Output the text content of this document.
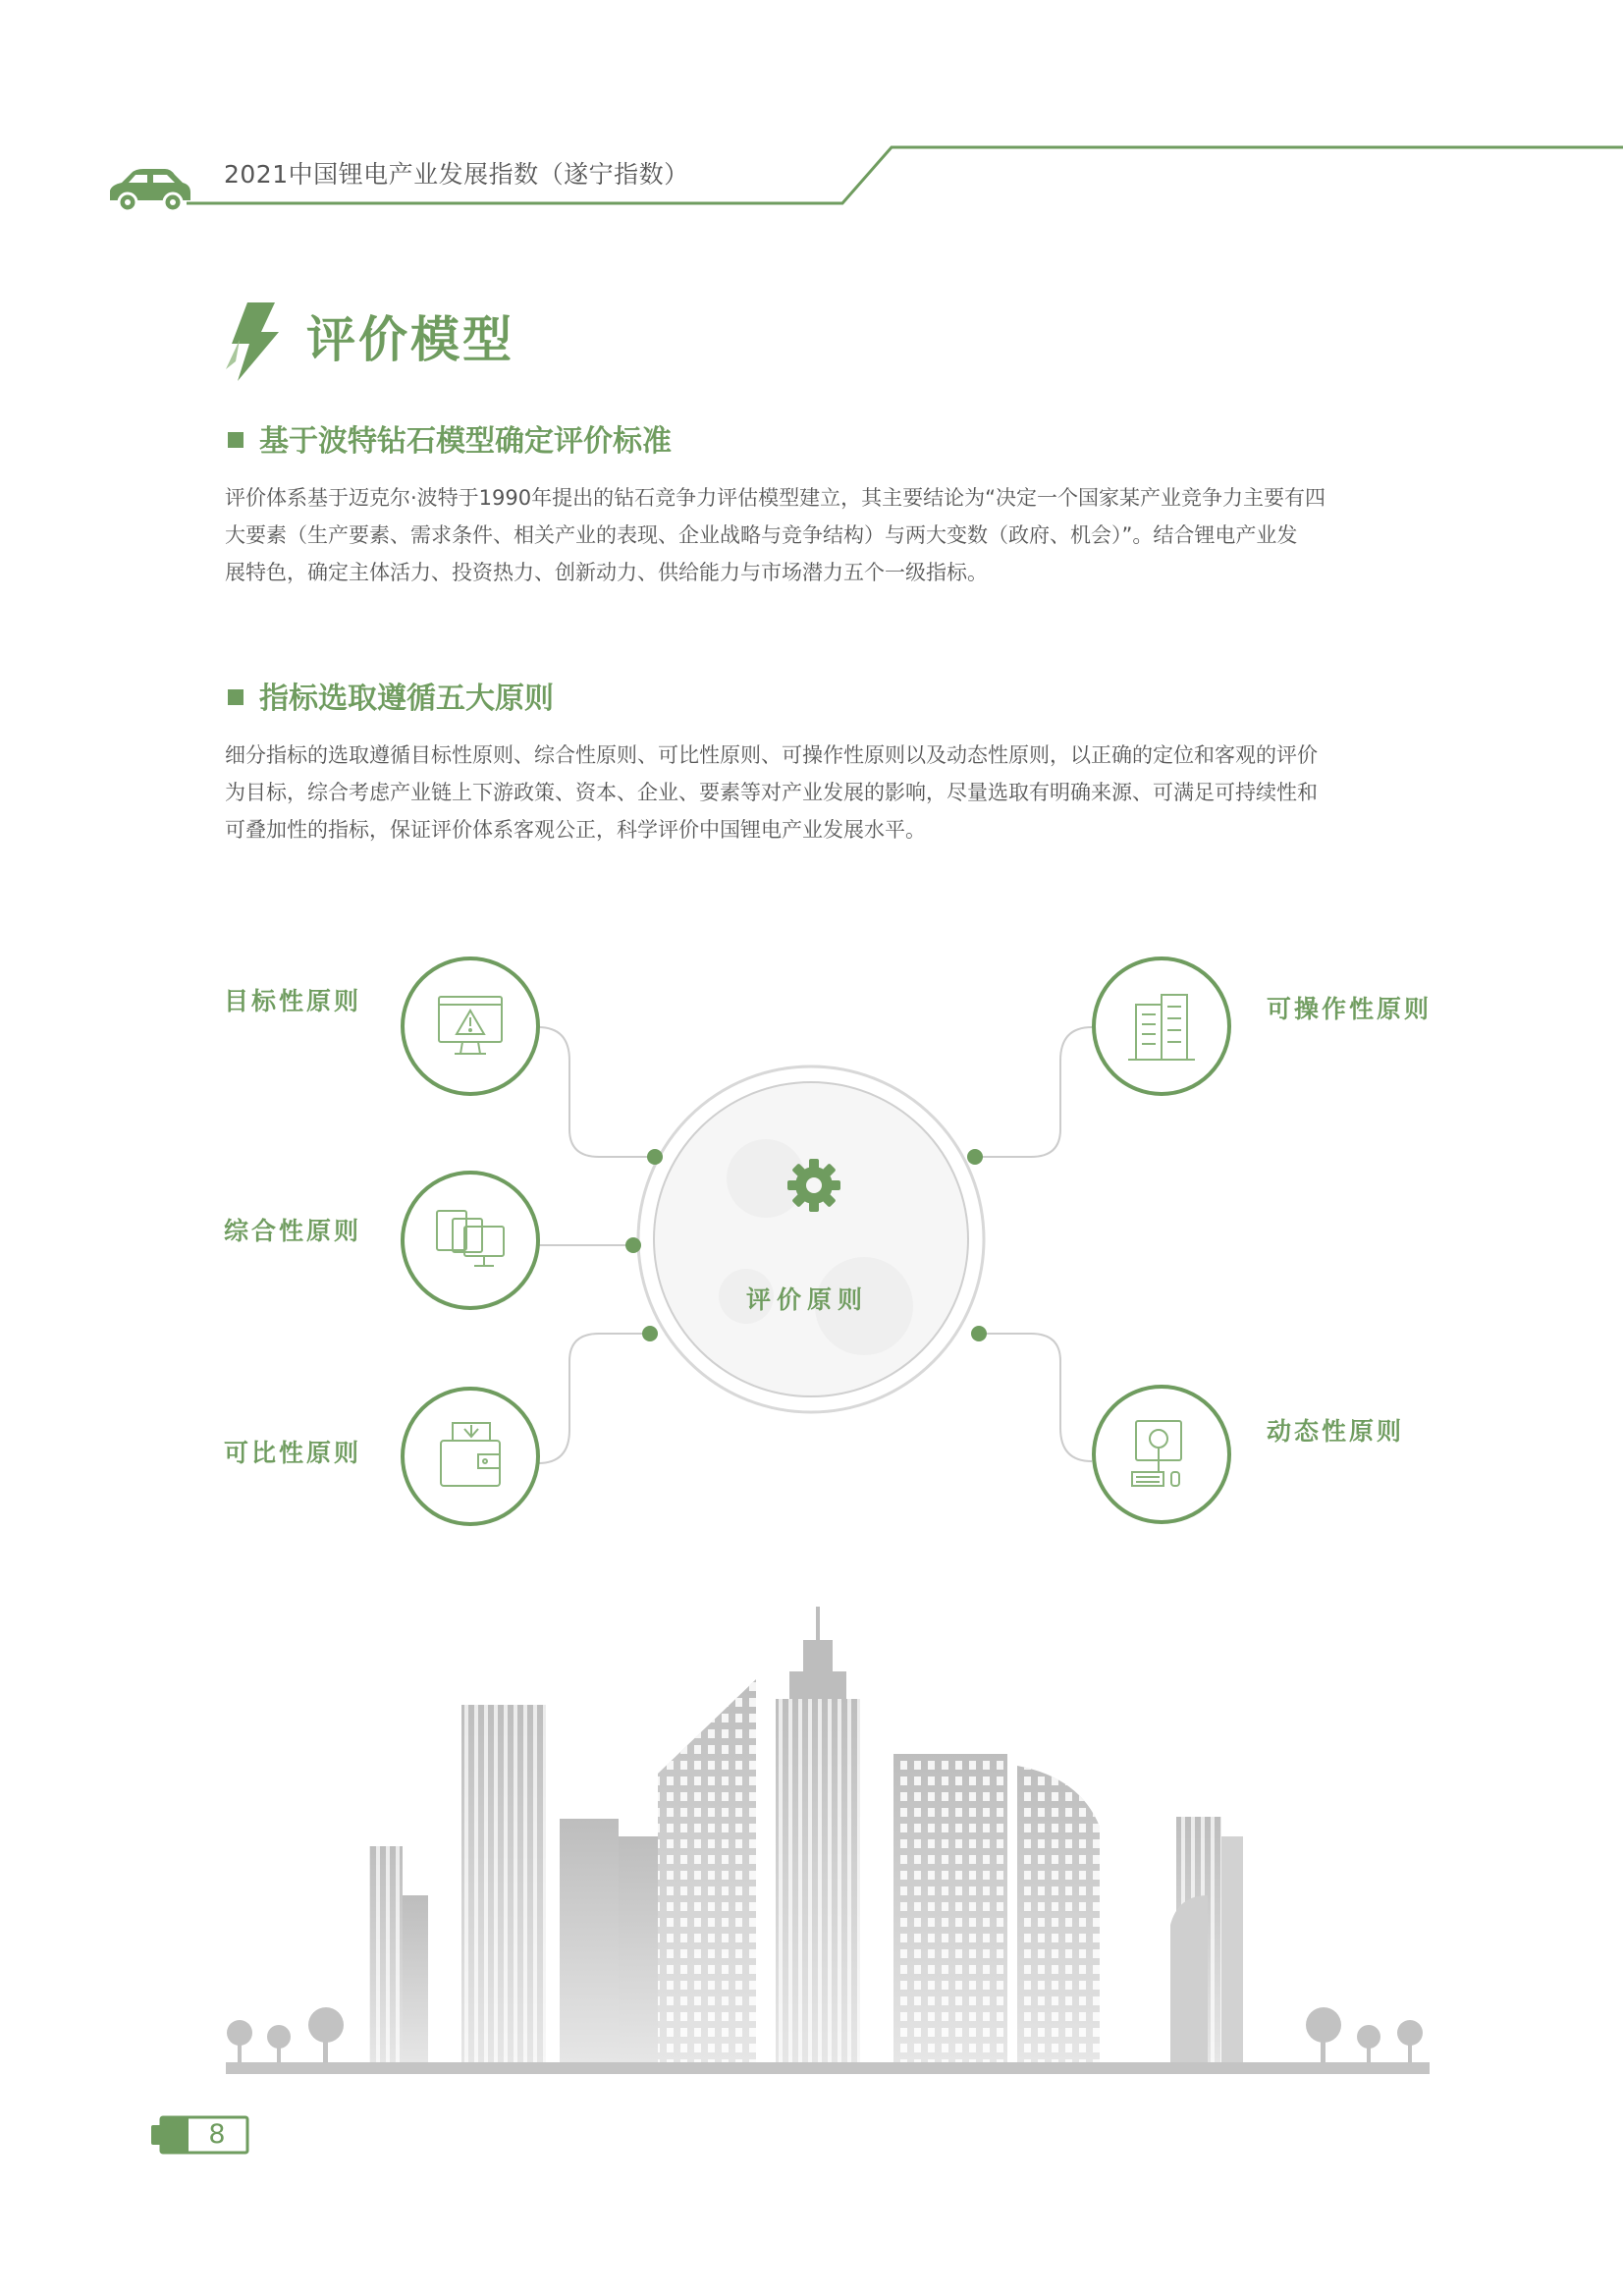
2021中国锂电产业发展指数（遂宁指数）
评价模型
基于波特钻石模型确定评价标准
评价体系基于迈克尔·波特于1990年提出的钻石竞争力评估模型建立，其主要结论为“决定一个国家某产业竞争力主要有四
大要素（生产要素、需求条件、相关产业的表现、企业战略与竞争结构）与两大变数（政府、机会）”。结合锂电产业发
展特色，确定主体活力、投资热力、创新动力、供给能力与市场潜力五个一级指标。
指标选取遵循五大原则
细分指标的选取遵循目标性原则、综合性原则、可比性原则、可操作性原则以及动态性原则，以正确的定位和客观的评价
为目标，综合考虑产业链上下游政策、资本、企业、要素等对产业发展的影响，尽量选取有明确来源、可满足可持续性和
可叠加性的指标，保证评价体系客观公正，科学评价中国锂电产业发展水平。
评价原则
目标性原则
综合性原则
可比性原则
可操作性原则
动态性原则
8
